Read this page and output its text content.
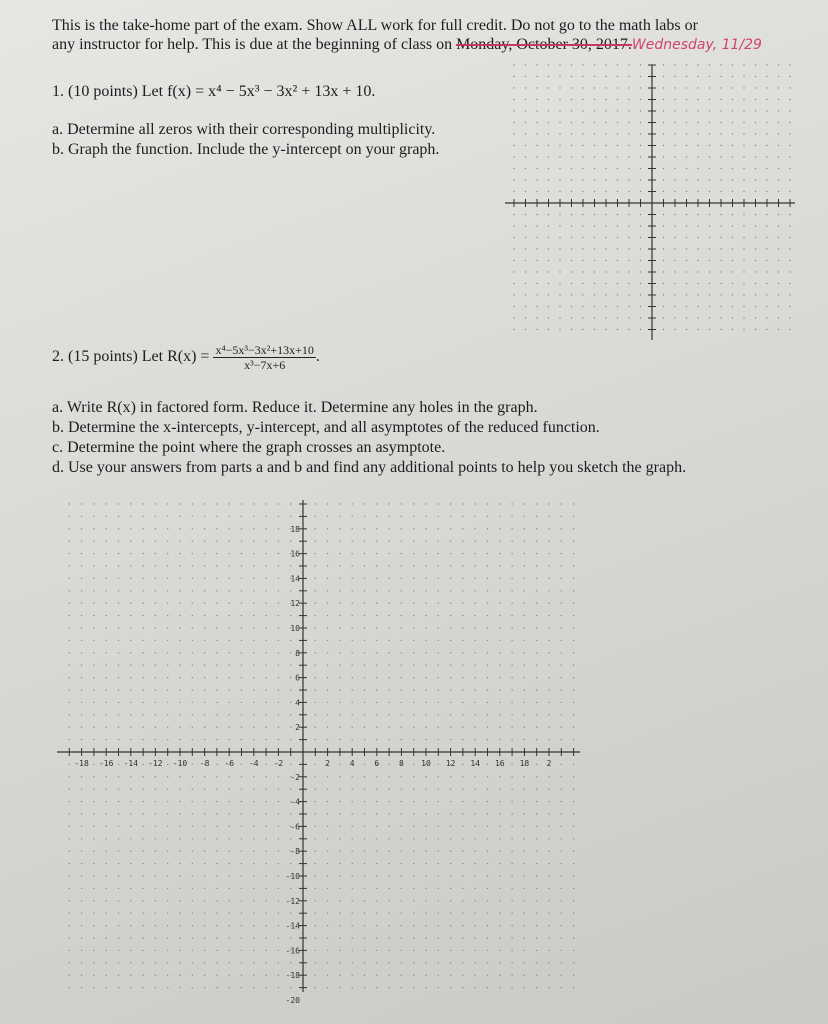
This is the take-home part of the exam. Show ALL work for full credit. Do not go to the math labs or
any instructor for help. This is due at the beginning of class on Monday, October 30, 2017.Wednesday, 11/29
1. (10 points) Let f(x) = x⁴ − 5x³ − 3x² + 13x + 10.
a. Determine all zeros with their corresponding multiplicity.
b. Graph the function. Include the y-intercept on your graph.
2. (15 points) Let $R(x) = \frac{\text{x⁴−5x³−3x²+13x+10}}{\text{x³−7x+6}}$.
a. Write R(x) in factored form. Reduce it. Determine any holes in the graph.
b. Determine the x-intercepts, y-intercept, and all asymptotes of the reduced function.
c. Determine the point where the graph crosses an asymptote.
d. Use your answers from parts a and b and find any additional points to help you sketch the graph.
-18 -16 -14 -12 -10 -8 -6 -4 -2	2 4 6 8 10 12 14 16 18 2
18
16
14
12
10
8
6
4
2
-2
-4
-6
-8
-10
-12
-14
-16
-18
-20
